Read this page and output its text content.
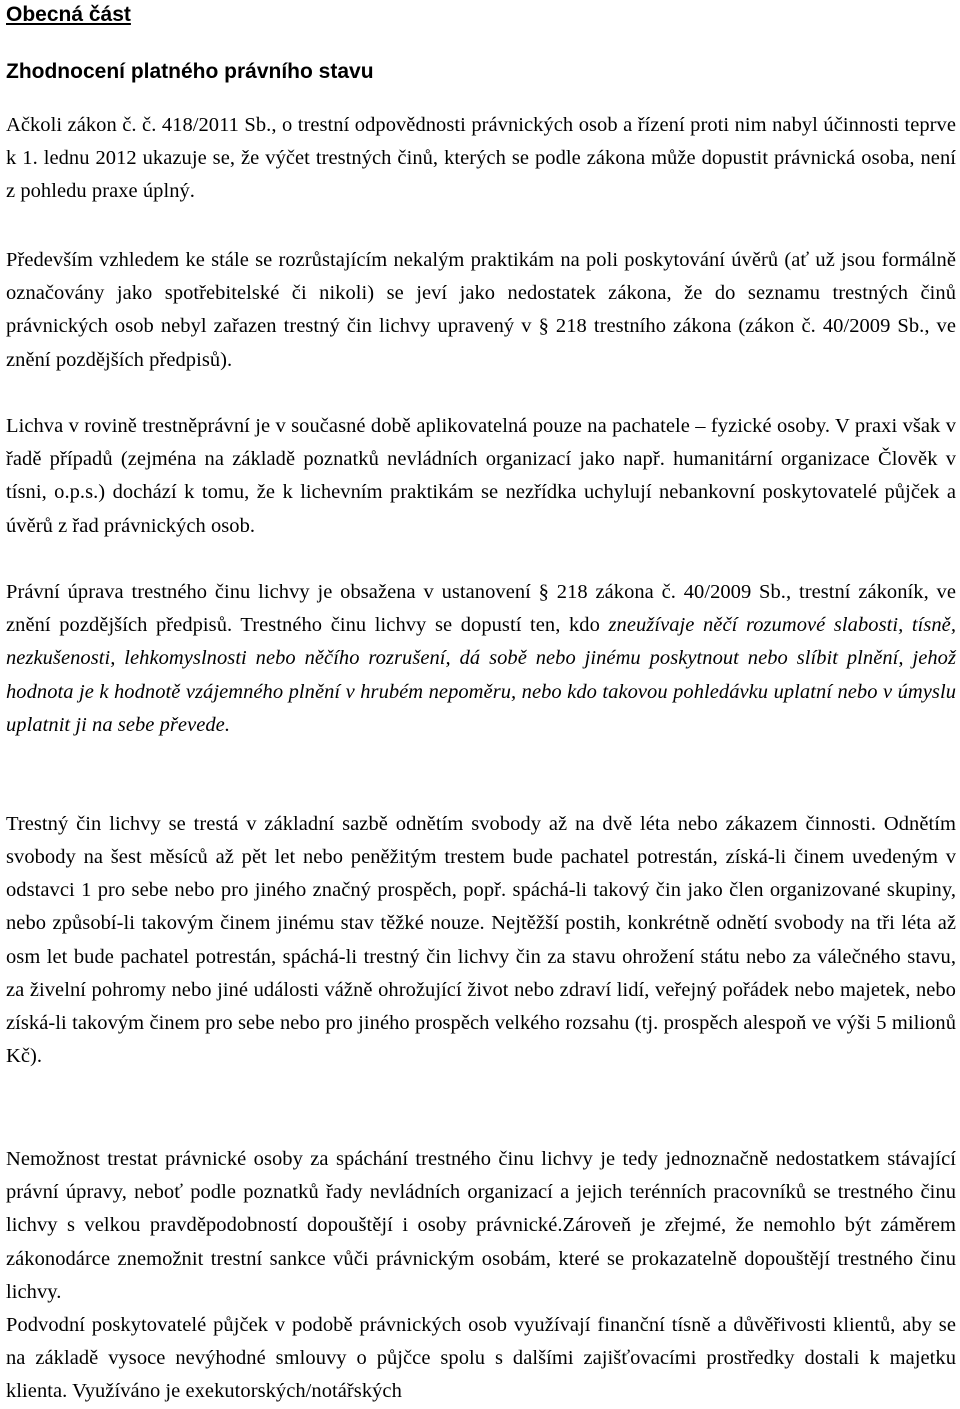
Obecná část
Zhodnocení platného právního stavu

Ačkoli zákon č. č. 418/2011 Sb., o trestní odpovědnosti právnických osob a řízení proti nim nabyl účinnosti teprve k 1. lednu 2012 ukazuje se, že výčet trestných činů, kterých se podle zákona může dopustit právnická osoba, není z pohledu praxe úplný.

Především vzhledem ke stále se rozrůstajícím nekalým praktikám na poli poskytování úvěrů (ať už jsou formálně označovány jako spotřebitelské či nikoli) se jeví jako nedostatek zákona, že do seznamu trestných činů právnických osob nebyl zařazen trestný čin lichvy upravený v § 218 trestního zákona (zákon č. 40/2009 Sb., ve znění pozdějších předpisů).

Lichva v rovině trestněprávní je v současné době aplikovatelná pouze na pachatele – fyzické osoby. V praxi však v řadě případů (zejména na základě poznatků nevládních organizací jako např. humanitární organizace Člověk v tísni, o.p.s.) dochází k tomu, že k lichevním praktikám se nezřídka uchylují nebankovní poskytovatelé půjček a úvěrů z řad právnických osob.

Právní úprava trestného činu lichvy je obsažena v ustanovení § 218 zákona č. 40/2009 Sb., trestní zákoník, ve znění pozdějších předpisů. Trestného činu lichvy se dopustí ten, kdo zneužívaje něčí rozumové slabosti, tísně, nezkušenosti, lehkomyslnosti nebo něčího rozrušení, dá sobě nebo jinému poskytnout nebo slíbit plnění, jehož hodnota je k hodnotě vzájemného plnění v hrubém nepoměru, nebo kdo takovou pohledávku uplatní nebo v úmyslu uplatnit ji na sebe převede.

Trestný čin lichvy se trestá v základní sazbě odnětím svobody až na dvě léta nebo zákazem činnosti. Odnětím svobody na šest měsíců až pět let nebo peněžitým trestem bude pachatel potrestán, získá-li činem uvedeným v odstavci 1 pro sebe nebo pro jiného značný prospěch, popř. spáchá-li takový čin jako člen organizované skupiny, nebo způsobí-li takovým činem jinému stav těžké nouze. Nejtěžší postih, konkrétně odnětí svobody na tři léta až osm let bude pachatel potrestán, spáchá-li trestný čin lichvy čin za stavu ohrožení státu nebo za válečného stavu, za živelní pohromy nebo jiné události vážně ohrožující život nebo zdraví lidí, veřejný pořádek nebo majetek, nebo získá-li takovým činem pro sebe nebo pro jiného prospěch velkého rozsahu (tj. prospěch alespoň ve výši 5 milionů Kč).

Nemožnost trestat právnické osoby za spáchání trestného činu lichvy je tedy jednoznačně nedostatkem stávající právní úpravy, neboť podle poznatků řady nevládních organizací a jejich terénních pracovníků se trestného činu lichvy s velkou pravděpodobností dopouštějí i osoby právnické.Zároveň je zřejmé, že nemohlo být záměrem zákonodárce znemožnit trestní sankce vůči právnickým osobám, které se prokazatelně dopouštějí trestného činu lichvy.

Podvodní poskytovatelé půjček v podobě právnických osob využívají finanční tísně a důvěřivosti klientů, aby se na základě vysoce nevýhodné smlouvy o půjčce spolu s dalšími zajišťovacími prostředky dostali k majetku klienta. Využíváno je exekutorských/notářských
